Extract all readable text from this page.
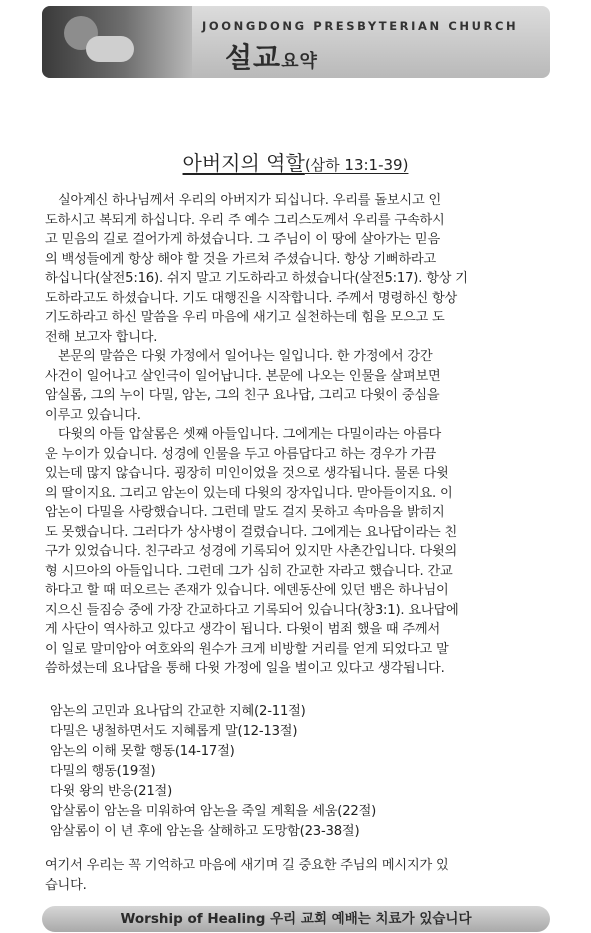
JOONGDONG PRESBYTERIAN CHURCH
설교요약
아버지의 역할(삼하 13:1-39)
　실아계신 하나님께서 우리의 아버지가 되십니다. 우리를 돌보시고 인
도하시고 복되게 하십니다. 우리 주 예수 그리스도께서 우리를 구속하시
고 믿음의 길로 걸어가게 하셨습니다. 그 주님이 이 땅에 살아가는 믿음
의 백성들에게 항상 해야 할 것을 가르쳐 주셨습니다. 항상 기뻐하라고
하십니다(살전5:16). 쉬지 말고 기도하라고 하셨습니다(살전5:17). 항상 기
도하라고도 하셨습니다. 기도 대행진을 시작합니다. 주께서 명령하신 항상
기도하라고 하신 말씀을 우리 마음에 새기고 실천하는데 힘을 모으고 도
전해 보고자 합니다.
　본문의 말씀은 다윗 가정에서 일어나는 일입니다. 한 가정에서 강간
사건이 일어나고 살인극이 일어납니다. 본문에 나오는 인물을 살펴보면
암실롬, 그의 누이 다밀, 암논, 그의 친구 요나답, 그리고 다윗이 중심을
이루고 있습니다.
　다윗의 아들 압살롬은 셋째 아들입니다. 그에게는 다밀이라는 아름다
운 누이가 있습니다. 성경에 인물을 두고 아름답다고 하는 경우가 가끔
있는데 많지 않습니다. 굉장히 미인이었을 것으로 생각됩니다. 물론 다윗
의 딸이지요. 그리고 암논이 있는데 다윗의 장자입니다. 맏아들이지요. 이
암논이 다밀을 사랑했습니다. 그런데 말도 걸지 못하고 속마음을 밝히지
도 못했습니다. 그러다가 상사병이 걸렸습니다. 그에게는 요나답이라는 친
구가 있었습니다. 친구라고 성경에 기록되어 있지만 사촌간입니다. 다윗의
형 시므아의 아들입니다. 그런데 그가 심히 간교한 자라고 했습니다. 간교
하다고 할 때 떠오르는 존재가 있습니다. 에덴동산에 있던 뱀은 하나님이
지으신 들짐승 중에 가장 간교하다고 기록되어 있습니다(창3:1). 요나답에
게 사단이 역사하고 있다고 생각이 됩니다. 다윗이 범죄 했을 때 주께서
이 일로 말미암아 여호와의 원수가 크게 비방할 거리를 얻게 되었다고 말
씀하셨는데 요나답을 통해 다윗 가정에 일을 벌이고 있다고 생각됩니다.
암논의 고민과 요나답의 간교한 지혜(2-11절)
다밀은 냉철하면서도 지혜롭게 말(12-13절)
암논의 이해 못할 행동(14-17절)
다밀의 행동(19절)
다윗 왕의 반응(21절)
압살롬이 암논을 미워하여 암논을 죽일 계획을 세움(22절)
암살롬이 이 년 후에 암논을 살해하고 도망함(23-38절)
여기서 우리는 꼭 기억하고 마음에 새기며 길 중요한 주님의 메시지가 있
습니다.
Worship of Healing 우리 교회 예배는 치료가 있습니다
